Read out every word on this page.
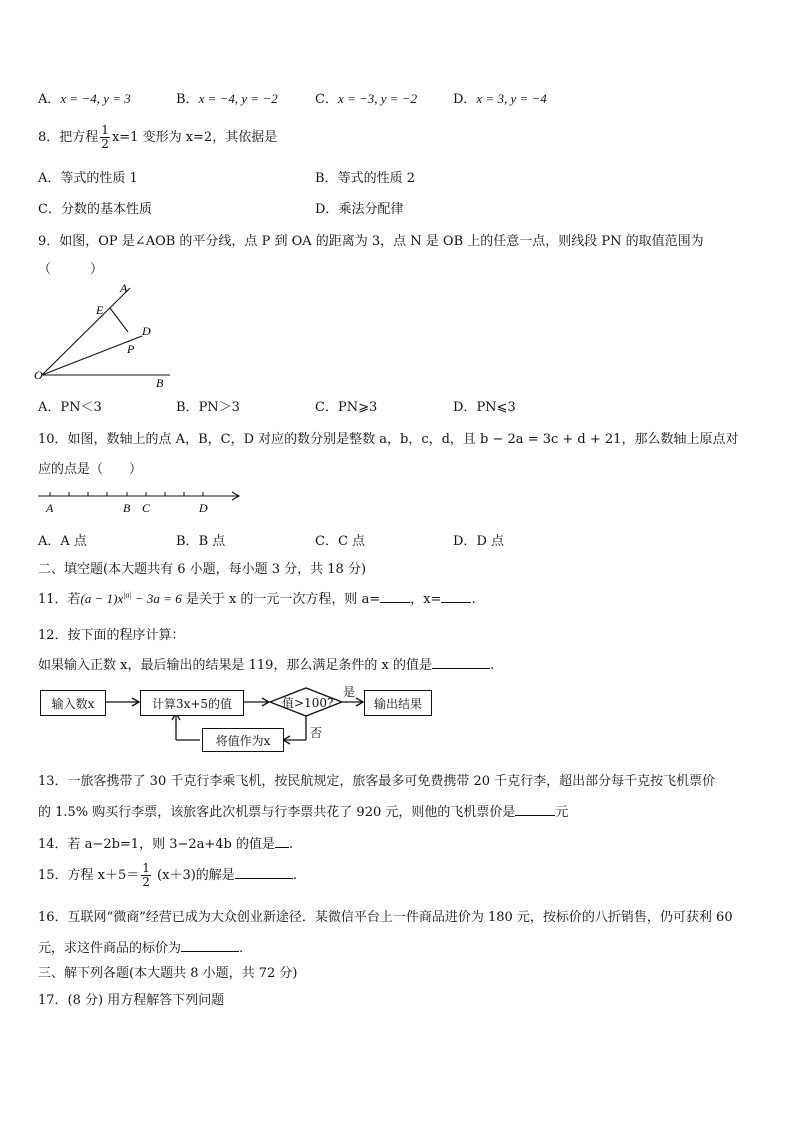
A．x = −4, y = 3	B．x = −4, y = −2	C．x = −3, y = −2	D．x = 3, y = −4
8．把方程 $\frac{1}{2} x=1$ 变形为 x=2，其依据是
A．等式的性质 1	B．等式的性质 2
C．分数的基本性质	D．乘法分配律
9．如图，OP 是∠AOB 的平分线，点 P 到 OA 的距离为 3，点 N 是 OB 上的任意一点，则线段 PN 的取值范围为
（　　　）
A
E
D
P
O
B
A．PN＜3	B．PN＞3	C．PN⩾3	D．PN⩽3
10．如图，数轴上的点 A，B，C，D 对应的数分别是整数 a，b，c，d，且 b − 2a = 3c + d + 21，那么数轴上原点对
应的点是（　　）
A	B C	D
A．A 点	B．B 点	C．C 点	D．D 点
二、填空题(本大题共有 6 小题，每小题 3 分，共 18 分)
11．若$(a - 1)x^{|a|} - 3a = 6$ 是关于 x 的一元一次方程，则 a= ，x= .
12．按下面的程序计算：
如果输入正数 x，最后输出的结果是 119，那么满足条件的 x 的值是	.
输入数x	计算3x+5的值	值>100?
是
输出结果
将值作为x
否
13．一旅客携带了 30 千克行李乘飞机，按民航规定，旅客最多可免费携带 20 千克行李，超出部分每千克按飞机票价
的 1.5% 购买行李票，该旅客此次机票与行李票共花了 920 元，则他的飞机票价是	元
14．若 a−2b=1，则 3−2a+4b 的值是 .
15．方程 $x+5= \frac{1}{2} (x+3)$的解是	.
16．互联网“微商”经营已成为大众创业新途径．某微信平台上一件商品进价为 180 元，按标价的八折销售，仍可获利 60
元，求这件商品的标价为	.
三、解下列各题(本大题共 8 小题，共 72 分)
17．(8 分) 用方程解答下列问题
